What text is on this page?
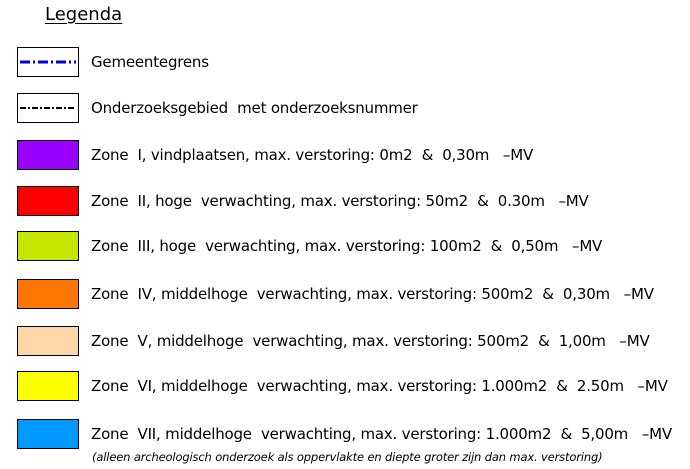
Legenda
Gemeentegrens
Onderzoeksgebied  met onderzoeksnummer
Zone  I, vindplaatsen, max. verstoring: 0m2  &  0,30m   –MV
Zone  II, hoge  verwachting, max. verstoring: 50m2  &  0.30m   –MV
Zone  III, hoge  verwachting, max. verstoring: 100m2  &  0,50m   –MV
Zone  IV, middelhoge  verwachting, max. verstoring: 500m2  &  0,30m   –MV
Zone  V, middelhoge  verwachting, max. verstoring: 500m2  &  1,00m   –MV
Zone  VI, middelhoge  verwachting, max. verstoring: 1.000m2  &  2.50m   –MV
Zone  VII, middelhoge  verwachting, max. verstoring: 1.000m2  &  5,00m   –MV
(alleen archeologisch onderzoek als oppervlakte en diepte groter zijn dan max. verstoring)
